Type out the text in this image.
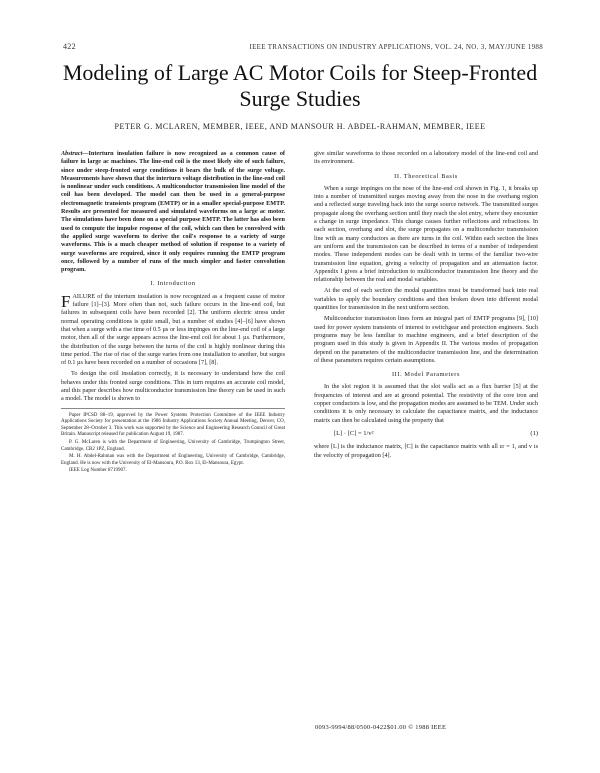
422	IEEE TRANSACTIONS ON INDUSTRY APPLICATIONS, VOL. 24, NO. 3, MAY/JUNE 1988
Modeling of Large AC Motor Coils for Steep-Fronted Surge Studies
PETER G. MCLAREN, MEMBER, IEEE, AND MANSOUR H. ABDEL-RAHMAN, MEMBER, IEEE

Abstract—Interturn insulation failure is now recognized as a common cause of failure in large ac machines. The line-end coil is the most likely site of such failure, since under steep-fronted surge conditions it bears the bulk of the surge voltage. Measurements have shown that the interturn voltage distribution in the line-end coil is nonlinear under such conditions. A multiconductor transmission line model of the coil has been developed. The model can then be used in a general-purpose electromagnetic transients program (EMTP) or in a smaller special-purpose EMTP. Results are presented for measured and simulated waveforms on a large ac motor. The simulations have been done on a special purpose EMTP. The latter has also been used to compute the impulse response of the coil, which can then be convolved with the applied surge waveform to derive the coil's response to a variety of surge waveforms. This is a much cheaper method of solution if response to a variety of surge waveforms are required, since it only requires running the EMTP program once, followed by a number of runs of the much simpler and faster convolution program.

I. Introduction

FAILURE of the interturn insulation is now recognized as a frequent cause of motor failure [1]–[3]. More often than not, such failure occurs in the line-end coil, but failures in subsequent coils have been recorded [2]. The uniform electric stress under normal operating conditions is quite small, but a number of studies [4]–[6] have shown that when a surge with a rise time of 0.5 µs or less impinges on the line-end coil of a large motor, then all of the surge appears across the line-end coil for about 1 µs. Furthermore, the distribution of the surge between the turns of the coil is highly nonlinear during this time period. The rise of rise of the surge varies from one installation to another, but surges of 0.1 µs have been recorded on a number of occasions [7], [8].

To design the coil insulation correctly, it is necessary to understand how the coil behaves under this fronted surge conditions. This in turn requires an accurate coil model, and this paper describes how multiconductor transmission line theory can be used in such a model. The model is shown to

Paper IPCSD 88–19, approved by the Power Systems Protection Committee of the IEEE Industry Applications Society for presentation at the 1986 Industry Applications Society Annual Meeting, Denver, CO, September 28–October 3. This work was supported by the Science and Engineering Research Council of Great Britain. Manuscript released for publication August 19, 1987.

P. G. McLaren is with the Department of Engineering, University of Cambridge, Trumpington Street, Cambridge, CB2 1PZ, England.

M. H. Abdel-Rahman was with the Department of Engineering, University of Cambridge, Cambridge, England. He is now with the University of El-Mansoura, P.O. Box 13, El-Mansoura, Egypt.

IEEE Log Number 8719907.

give similar waveforms to those recorded on a laboratory model of the line-end coil and its environment.

II. Theoretical Basis

When a surge impinges on the nose of the line-end coil shown in Fig. 1, it breaks up into a number of transmitted surges moving away from the nose in the overhang region and a reflected surge traveling back into the surge source network. The transmitted surges propagate along the overhang section until they reach the slot entry, where they encounter a change in surge impedance. This change causes further reflections and refractions. In each section, overhang and slot, the surge propagates on a multiconductor transmission line with as many conductors as there are turns in the coil. Within each section the lines are uniform and the transmission can be described in terms of a number of independent modes. These independent modes can be dealt with in terms of the familiar two-wire transmission line equation, giving a velocity of propagation and an attenuation factor. Appendix I gives a brief introduction to multiconductor transmission line theory and the relationship between the real and modal variables.

At the end of each section the modal quantities must be transformed back into real variables to apply the boundary conditions and then broken down into different modal quantities for transmission in the next uniform section.

Multiconductor transmission lines form an integral part of EMTP programs [9], [10] used for power system transients of interest to switchgear and protection engineers. Such programs may be less familiar to machine engineers, and a brief description of the program used in this study is given in Appendix II. The various modes of propagation depend on the parameters of the multiconductor transmission line, and the determination of these parameters requires certain assumptions.

III. Model Parameters

In the slot region it is assumed that the slot walls act as a flux barrier [5] at the frequencies of interest and are at ground potential. The resistivity of the core iron and copper conductors is low, and the propagation modes are assumed to be TEM. Under such conditions it is only necessary to calculate the capacitance matrix, and the inductance matrix can then be calculated using the property that

[L] · [C] = 1/v²	(1)

where [L] is the inductance matrix, [C] is the capacitance matrix with all εr = 1, and v is the velocity of propagation [4].

0093-9994/88/0500-0422$01.00 © 1988 IEEE
